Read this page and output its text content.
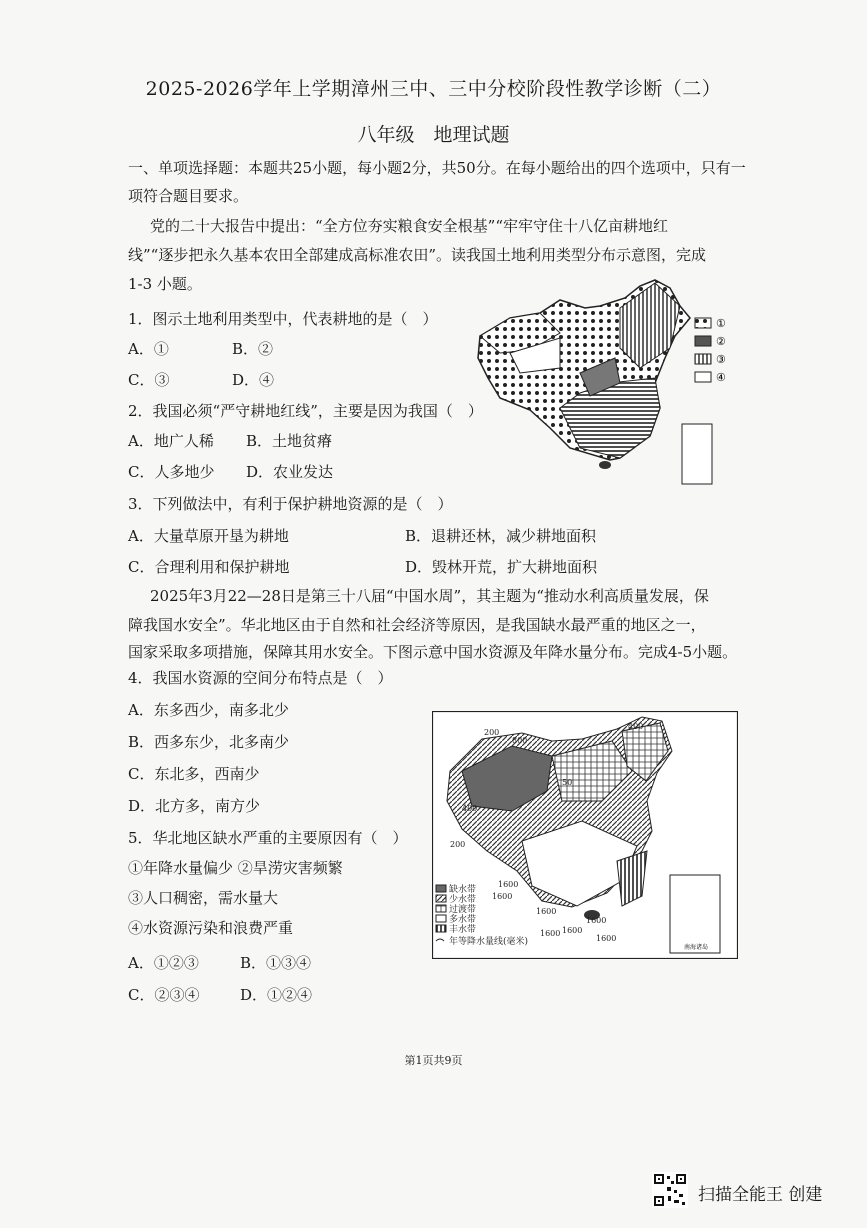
2025-2026学年上学期漳州三中、三中分校阶段性教学诊断（二）
八年级　地理试题
一、单项选择题：本题共25小题，每小题2分，共50分。在每小题给出的四个选项中，只有一
项符合题目要求。
党的二十大报告中提出：“全方位夯实粮食安全根基”“牢牢守住十八亿亩耕地红
线”“逐步把永久基本农田全部建成高标准农田”。读我国土地利用类型分布示意图，完成
1-3 小题。
1．图示土地利用类型中，代表耕地的是（　）
A．①	B．②
C．③	D．④
2．我国必须“严守耕地红线”，主要是因为我国（　）
A．地广人稀 B．土地贫瘠
C．人多地少 D．农业发达
3．下列做法中，有利于保护耕地资源的是（　）
A．大量草原开垦为耕地	B．退耕还林，减少耕地面积
C．合理利用和保护耕地	D．毁林开荒，扩大耕地面积
①
②
③
④
2025年3月22—28日是第三十八届“中国水周”，其主题为“推动水利高质量发展，保
障我国水安全”。华北地区由于自然和社会经济等原因，是我国缺水最严重的地区之一，
国家采取多项措施，保障其用水安全。下图示意中国水资源及年降水量分布。完成4-5小题。
4．我国水资源的空间分布特点是（　）
A．东多西少，南多北少
B．西多东少，北多南少
C．东北多，西南少
D．北方多，南方少
5．华北地区缺水严重的主要原因有（　）
①年降水量偏少 ②旱涝灾害频繁
③人口稠密，需水量大
④水资源污染和浪费严重
A．①②③	B．①③④
C．②③④	D．①②④
南海诸岛
400
200
800
50
200
400
1600
1600
1600
1600
1600
1600
1600
缺水带
少水带
过渡带
多水带
丰水带
年等降水量线(毫米)
第1页共9页
扫描全能王 创建
